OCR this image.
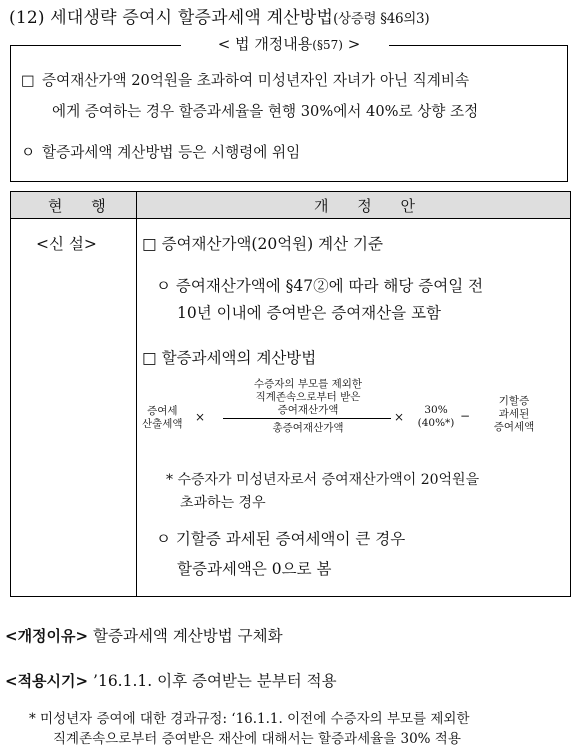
(12) 세대생략 증여시 할증과세액 계산방법(상증령 §46의3)
< 법 개정내용(§57) >
□ 증여재산가액 20억원을 초과하여 미성년자인 자녀가 아닌 직계비속
에게 증여하는 경우 할증과세율을 현행 30%에서 40%로 상향 조정
ㅇ 할증과세액 계산방법 등은 시행령에 위임
현 행	개 정 안
<신 설>	□ 증여재산가액(20억원) 계산 기준
ㅇ 증여재산가액에 §47②에 따라 해당 증여일 전
10년 이내에 증여받은 증여재산을 포함
□ 할증과세액의 계산방법
증여세
산출세액 ×
수증자의 부모를 제외한
직계존속으로부터 받은
증여재산가액
총증여재산가액
×	30%
(40%*) −
기할증
과세된
증여세액
* 수증자가 미성년자로서 증여재산가액이 20억원을
초과하는 경우
ㅇ 기할증 과세된 증여세액이 큰 경우
할증과세액은 0으로 봄
<개정이유> 할증과세액 계산방법 구체화
<적용시기> ’16.1.1. 이후 증여받는 분부터 적용
* 미성년자 증여에 대한 경과규정: ‘16.1.1. 이전에 수증자의 부모를 제외한
직계존속으로부터 증여받은 재산에 대해서는 할증과세율을 30% 적용
